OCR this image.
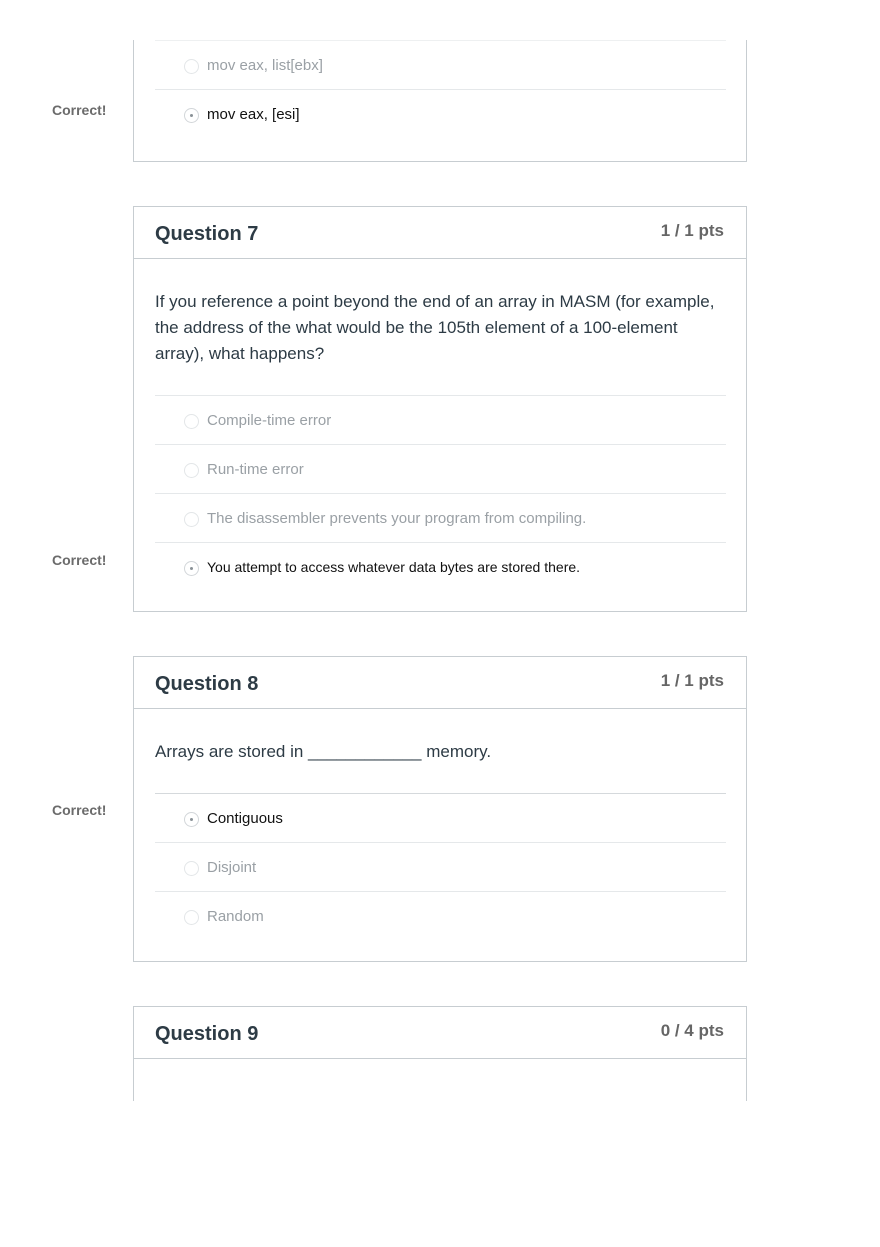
mov eax, list[ebx]
mov eax, [esi]
Correct!
Question 7	1 / 1 pts

If you reference a point beyond the end of an array in MASM (for example, the address of the what would be the 105th element of a 100-element array), what happens?

Compile-time error
Run-time error
The disassembler prevents your program from compiling.
You attempt to access whatever data bytes are stored there.
Correct!
Question 8	1 / 1 pts

Arrays are stored in ____________ memory.

Contiguous
Disjoint
Random
Correct!
Question 9	0 / 4 pts
